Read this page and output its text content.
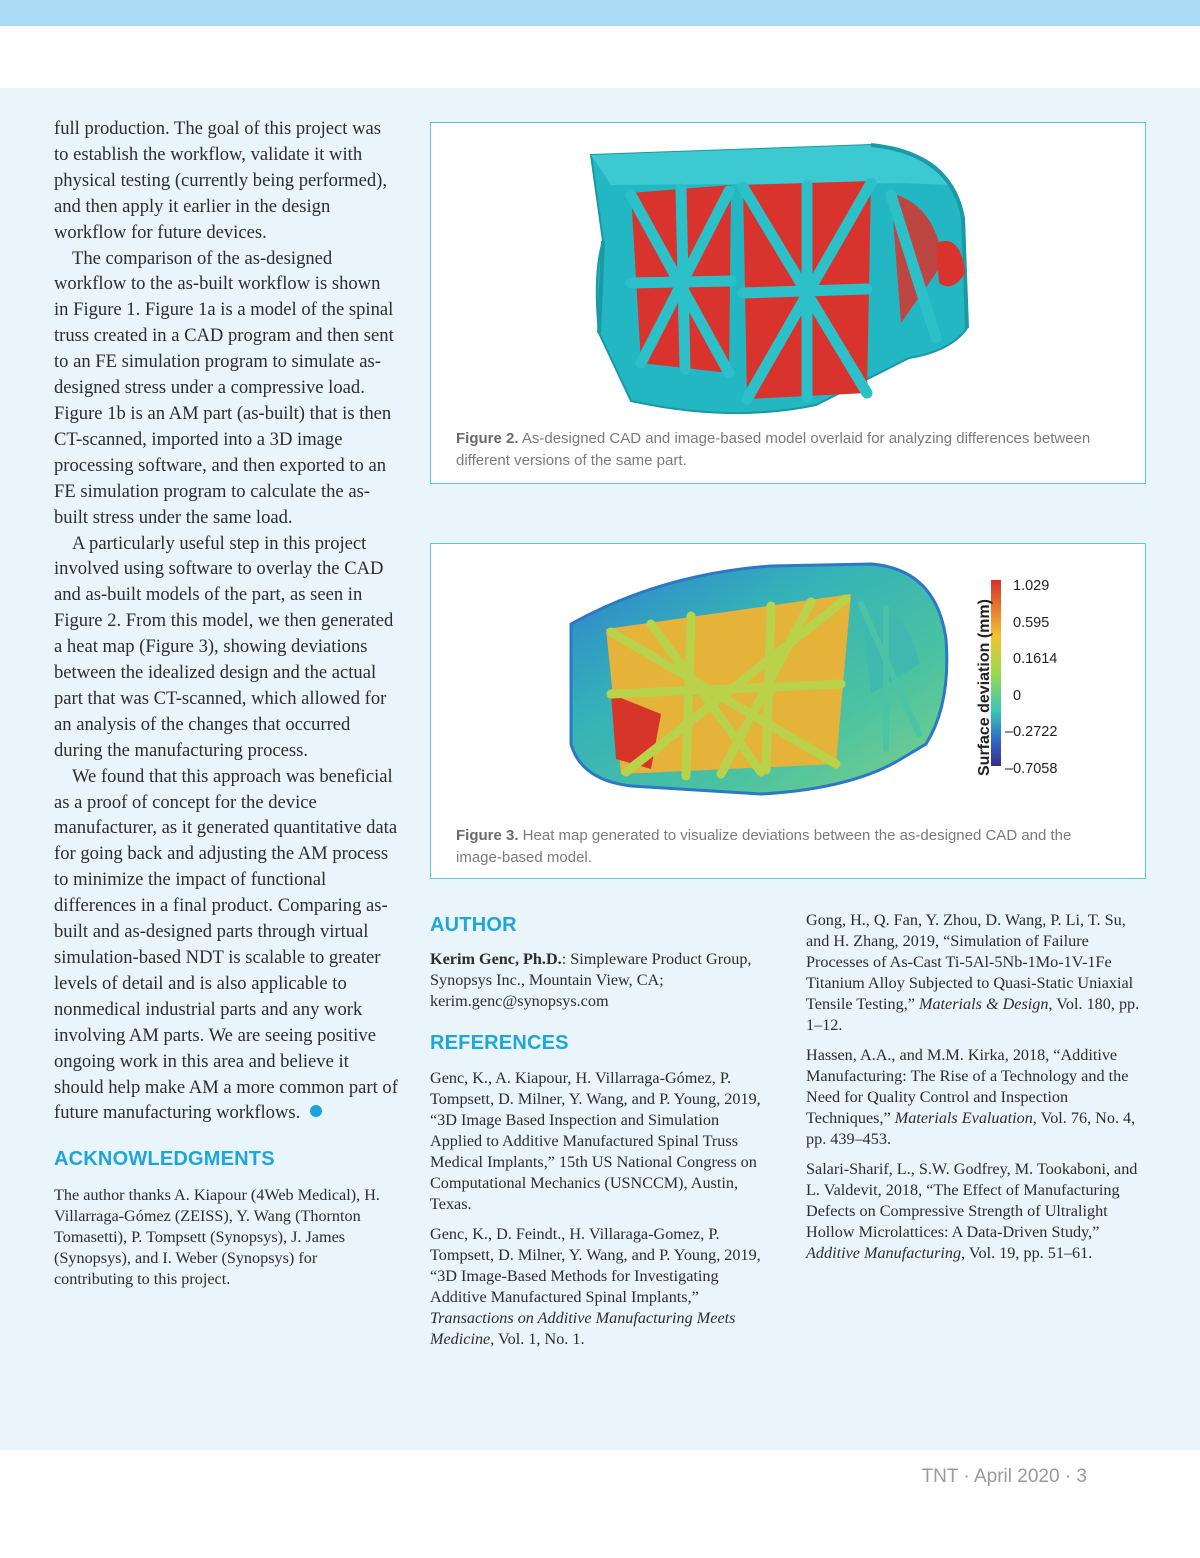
full production. The goal of this project was to establish the workflow, validate it with physical testing (currently being performed), and then apply it earlier in the design workflow for future devices.

The comparison of the as-designed workflow to the as-built workflow is shown in Figure 1. Figure 1a is a model of the spinal truss created in a CAD program and then sent to an FE simulation program to simulate as-designed stress under a compressive load. Figure 1b is an AM part (as-built) that is then CT-scanned, imported into a 3D image processing software, and then exported to an FE simulation program to calculate the as-built stress under the same load.

A particularly useful step in this project involved using software to overlay the CAD and as-built models of the part, as seen in Figure 2. From this model, we then generated a heat map (Figure 3), showing deviations between the idealized design and the actual part that was CT-scanned, which allowed for an analysis of the changes that occurred during the manufacturing process.

We found that this approach was beneficial as a proof of concept for the device manufacturer, as it generated quantitative data for going back and adjusting the AM process to minimize the impact of functional differences in a final product. Comparing as-built and as-designed parts through virtual simulation-based NDT is scalable to greater levels of detail and is also applicable to nonmedical industrial parts and any work involving AM parts. We are seeing positive ongoing work in this area and believe it should help make AM a more common part of future manufacturing workflows.

ACKNOWLEDGMENTS

The author thanks A. Kiapour (4Web Medical), H. Villarraga-Gómez (ZEISS), Y. Wang (Thornton Tomasetti), P. Tompsett (Synopsys), J. James (Synopsys), and I. Weber (Synopsys) for contributing to this project.

Figure 2. As-designed CAD and image-based model overlaid for analyzing differences between different versions of the same part.

Surface deviation (mm)
1.029
0.595
0.1614
0
–0.2722
–0.7058

Figure 3. Heat map generated to visualize deviations between the as-designed CAD and the image-based model.

AUTHOR

Kerim Genc, Ph.D.: Simpleware Product Group, Synopsys Inc., Mountain View, CA; kerim.genc@synopsys.com

REFERENCES

Genc, K., A. Kiapour, H. Villarraga-Gómez, P. Tompsett, D. Milner, Y. Wang, and P. Young, 2019, “3D Image Based Inspection and Simulation Applied to Additive Manufactured Spinal Truss Medical Implants,” 15th US National Congress on Computational Mechanics (USNCCM), Austin, Texas.

Genc, K., D. Feindt., H. Villaraga-Gomez, P. Tompsett, D. Milner, Y. Wang, and P. Young, 2019, “3D Image-Based Methods for Investigating Additive Manufactured Spinal Implants,” Transactions on Additive Manufacturing Meets Medicine, Vol. 1, No. 1.

Gong, H., Q. Fan, Y. Zhou, D. Wang, P. Li, T. Su, and H. Zhang, 2019, “Simulation of Failure Processes of As-Cast Ti-5Al-5Nb-1Mo-1V-1Fe Titanium Alloy Subjected to Quasi-Static Uniaxial Tensile Testing,” Materials & Design, Vol. 180, pp. 1–12.

Hassen, A.A., and M.M. Kirka, 2018, “Additive Manufacturing: The Rise of a Technology and the Need for Quality Control and Inspection Techniques,” Materials Evaluation, Vol. 76, No. 4, pp. 439–453.

Salari-Sharif, L., S.W. Godfrey, M. Tookaboni, and L. Valdevit, 2018, “The Effect of Manufacturing Defects on Compressive Strength of Ultralight Hollow Microlattices: A Data-Driven Study,” Additive Manufacturing, Vol. 19, pp. 51–61.

TNT · April 2020 · 3
